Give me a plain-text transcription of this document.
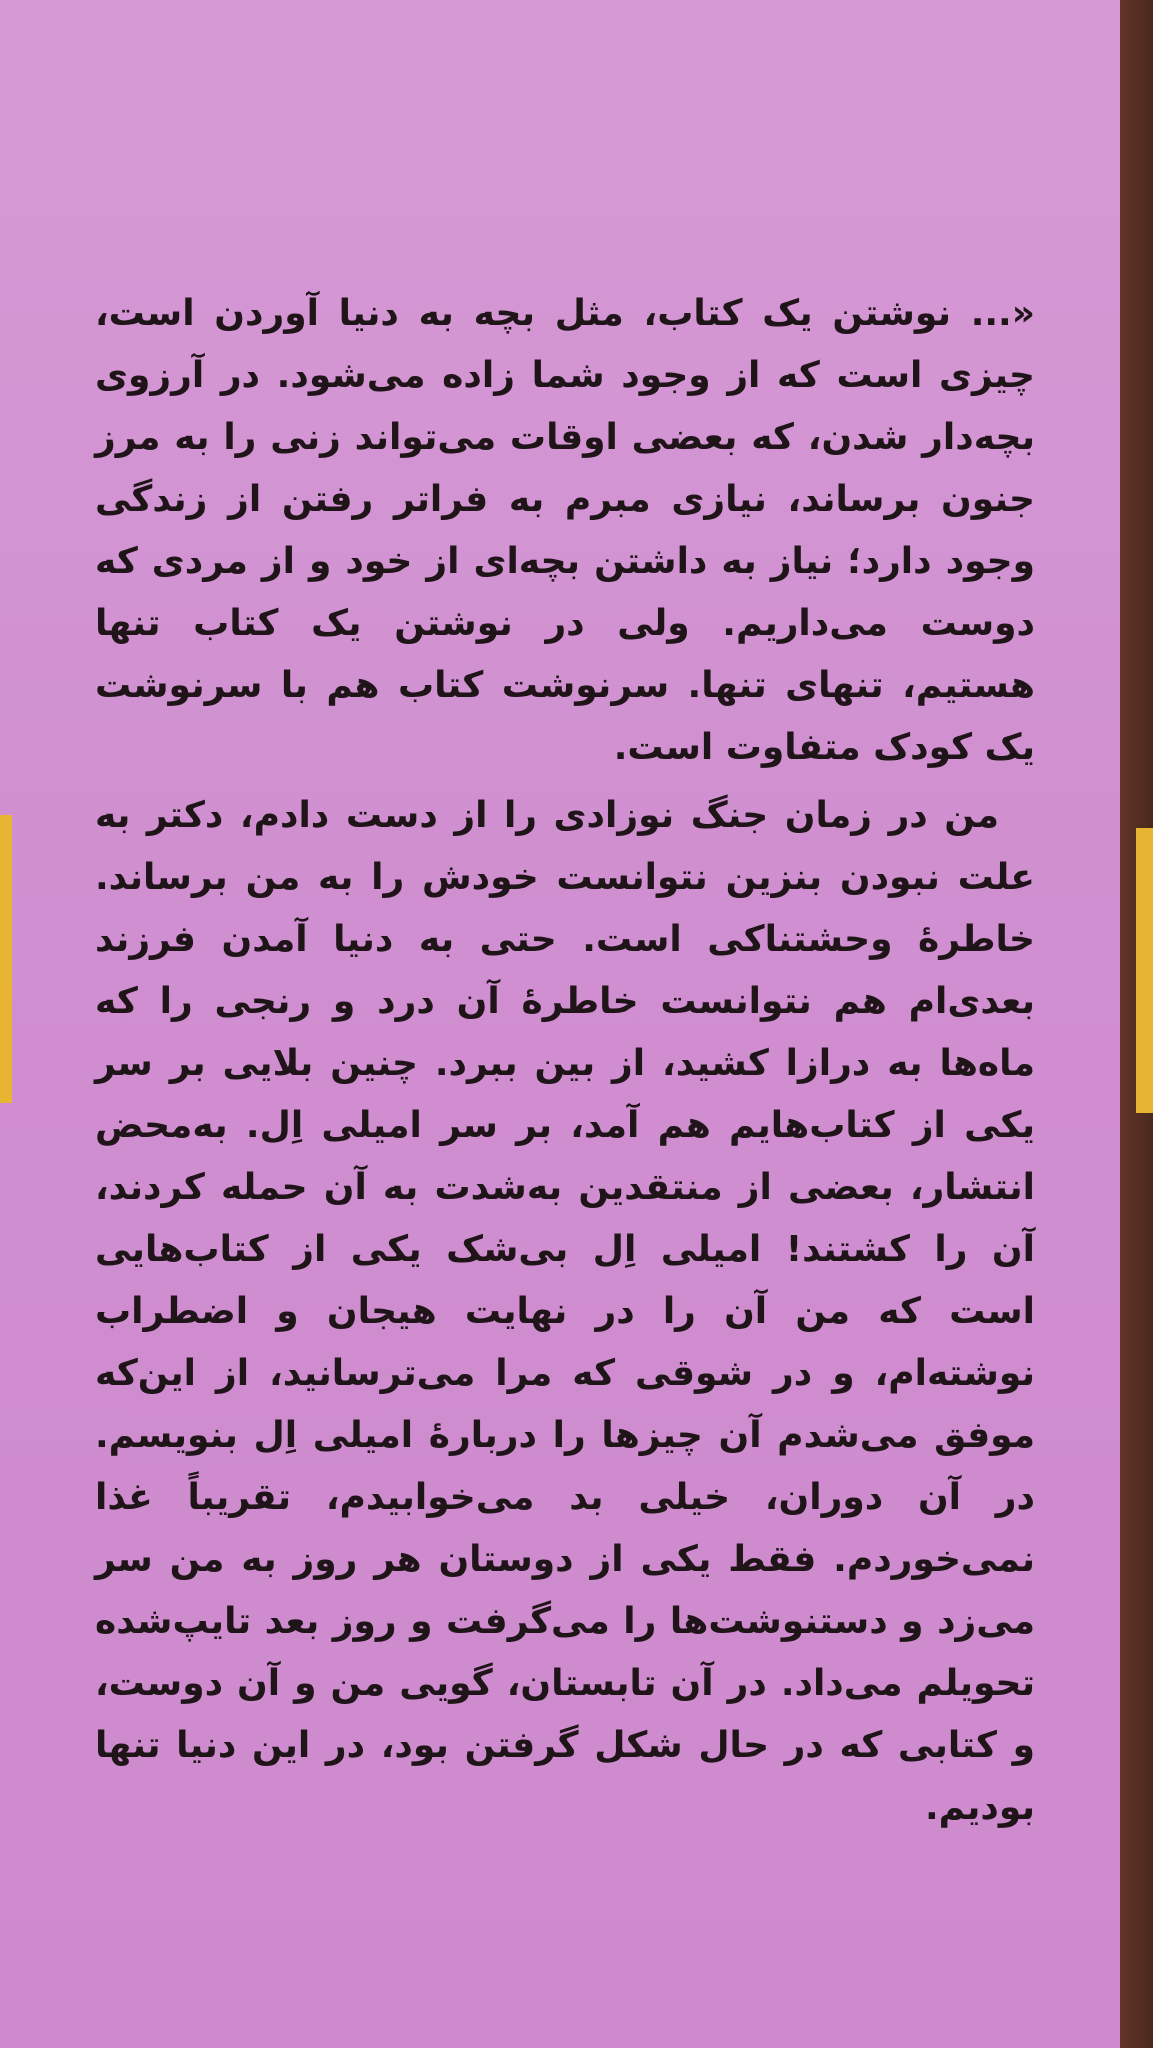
«... نوشتن یک کتاب، مثل بچه به دنیا آوردن است، چیزی است که از وجود شما زاده می‌شود. در آرزوی بچه‌دار شدن، که بعضی اوقات می‌تواند زنی را به مرز جنون برساند، نیازی مبرم به فراتر رفتن از زندگی وجود دارد؛ نیاز به داشتن بچه‌ای از خود و از مردی که دوست می‌داریم. ولی در نوشتن یک کتاب تنها هستیم، تنهای تنها. سرنوشت کتاب هم با سرنوشت یک کودک متفاوت است.

من در زمان جنگ نوزادی را از دست دادم، دکتر به علت نبودن بنزین نتوانست خودش را به من برساند. خاطرهٔ وحشتناکی است. حتی به دنیا آمدن فرزند بعدی‌ام هم نتوانست خاطرهٔ آن درد و رنجی را که ماه‌ها به درازا کشید، از بین ببرد. چنین بلایی بر سر یکی از کتاب‌هایم هم آمد، بر سر امیلی اِل. به‌محض انتشار، بعضی از منتقدین به‌شدت به آن حمله کردند، آن را کشتند! امیلی اِل بی‌شک یکی از کتاب‌هایی است که من آن را در نهایت هیجان و اضطراب نوشته‌ام، و در شوقی که مرا می‌ترسانید، از این‌که موفق می‌شدم آن چیزها را دربارهٔ امیلی اِل بنویسم. در آن دوران، خیلی بد می‌خوابیدم، تقریباً غذا نمی‌خوردم. فقط یکی از دوستان هر روز به من سر می‌زد و دستنوشت‌ها را می‌گرفت و روز بعد تایپ‌شده تحویلم می‌داد. در آن تابستان، گویی من و آن دوست، و کتابی که در حال شکل گرفتن بود، در این دنیا تنها بودیم.
